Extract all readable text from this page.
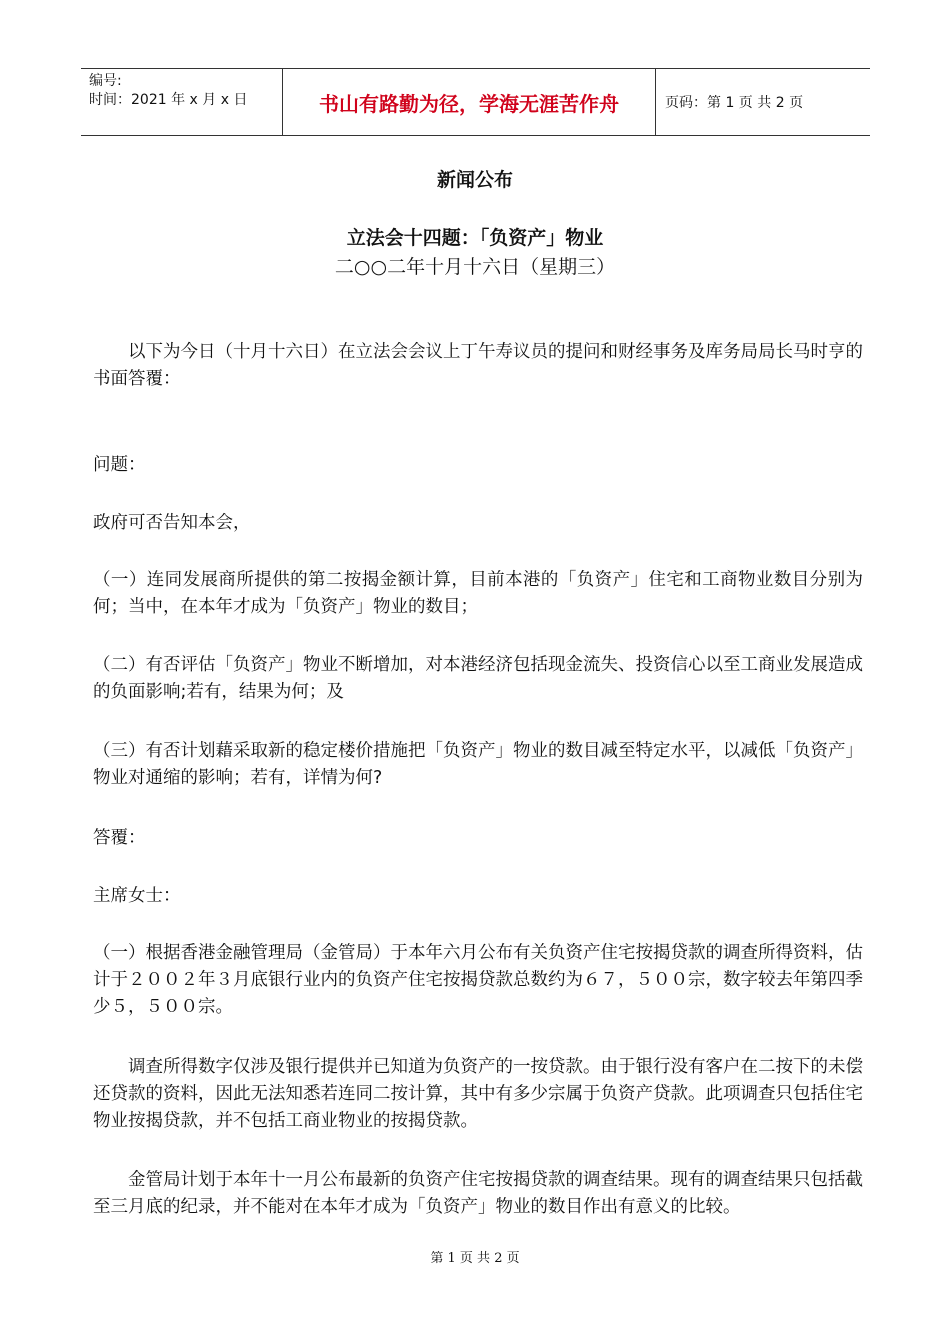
编号:
时间：2021 年 x 月 x 日	书山有路勤为径，学海无涯苦作舟	页码：第 1 页 共 2 页
新闻公布
立法会十四题：「负资产」物业
二○○二年十月十六日（星期三）

以下为今日（十月十六日）在立法会会议上丁午寿议员的提问和财经事务及库务局局长马时亨的书面答覆：

问题：
政府可否告知本会，
（一）连同发展商所提供的第二按揭金额计算，目前本港的「负资产」住宅和工商物业数目分别为何；当中，在本年才成为「负资产」物业的数目；
（二）有否评估「负资产」物业不断增加，对本港经济包括现金流失、投资信心以至工商业发展造成的负面影响;若有，结果为何；及
（三）有否计划藉采取新的稳定楼价措施把「负资产」物业的数目减至特定水平，以减低「负资产」物业对通缩的影响；若有，详情为何?
答覆：
主席女士：
（一）根据香港金融管理局（金管局）于本年六月公布有关负资产住宅按揭贷款的调查所得资料，估计于２００２年３月底银行业内的负资产住宅按揭贷款总数约为６７，５００宗，数字较去年第四季少５，５００宗。

调查所得数字仅涉及银行提供并已知道为负资产的一按贷款。由于银行没有客户在二按下的未偿还贷款的资料，因此无法知悉若连同二按计算，其中有多少宗属于负资产贷款。此项调查只包括住宅物业按揭贷款，并不包括工商业物业的按揭贷款。

金管局计划于本年十一月公布最新的负资产住宅按揭贷款的调查结果。现有的调查结果只包括截至三月底的纪录，并不能对在本年才成为「负资产」物业的数目作出有意义的比较。

第 1 页 共 2 页
